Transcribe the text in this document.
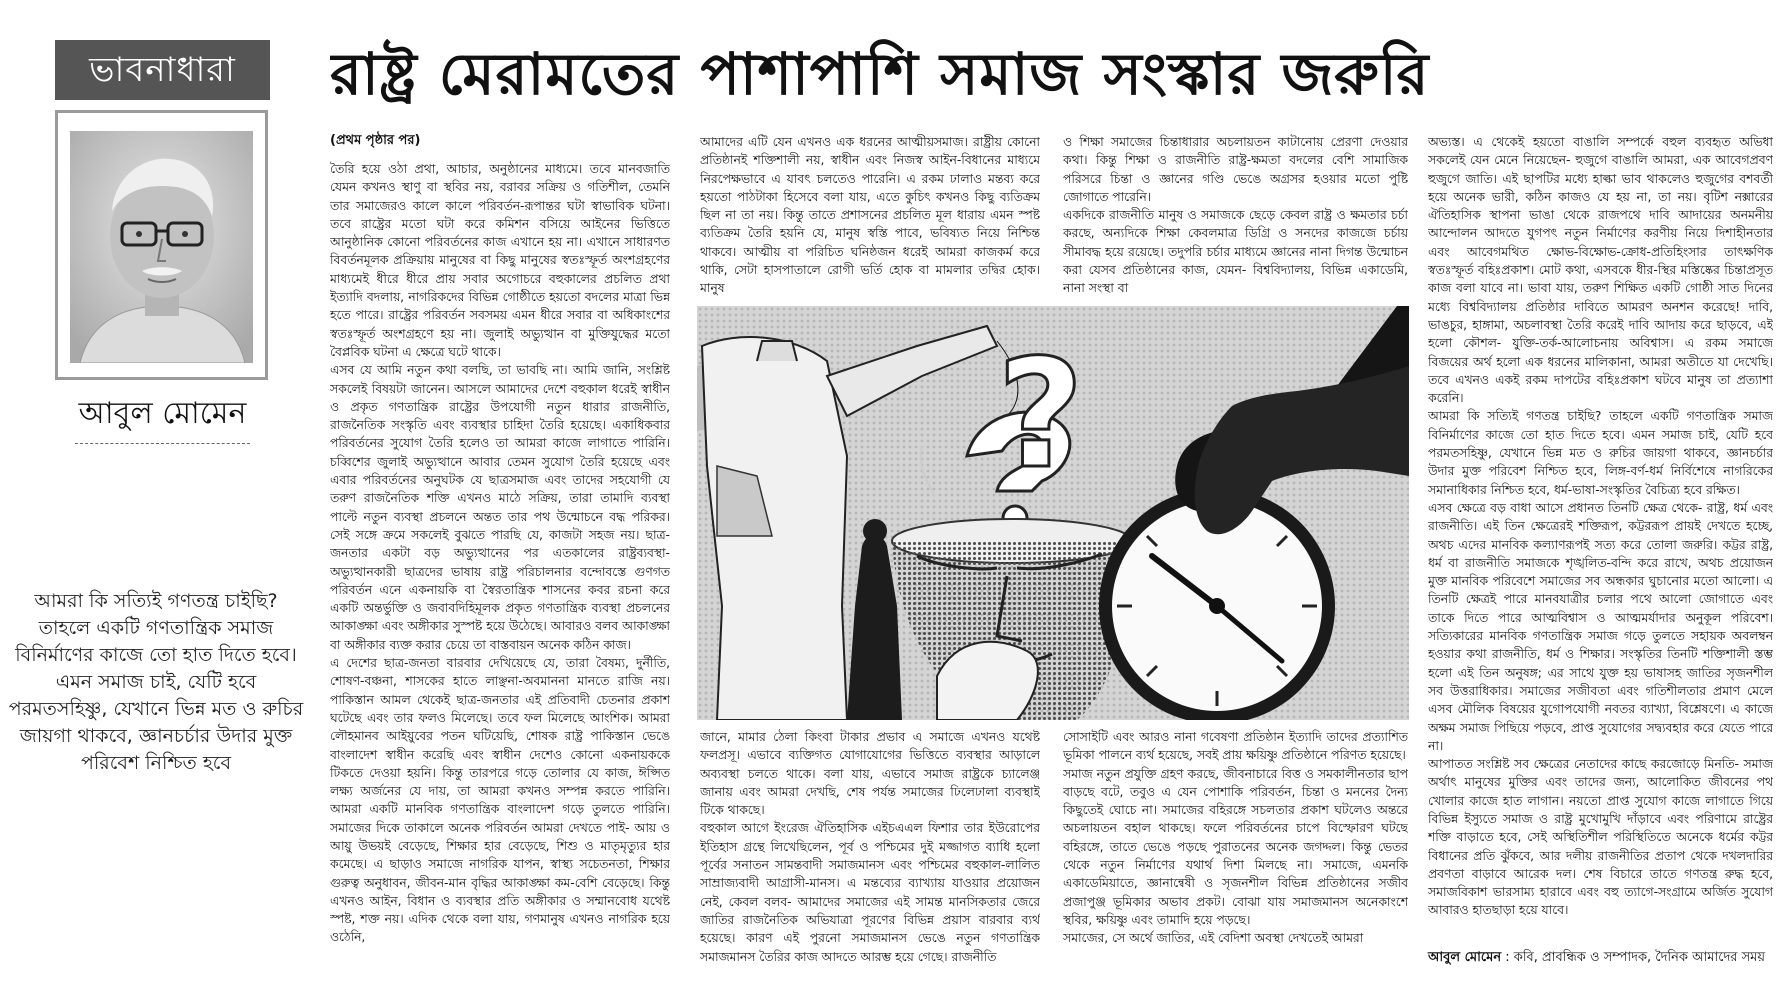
ভাবনাধারা	রাষ্ট্র মেরামতের পাশাপাশি সমাজ সংস্কার জরুরি
আবুল মোমেন
আমরা কি সত্যিই গণতন্ত্র চাইছি? তাহলে একটি গণতান্ত্রিক সমাজ বিনির্মাণের কাজে তো হাত দিতে হবে। এমন সমাজ চাই, যেটি হবে পরমতসহিষ্ণু, যেখানে ভিন্ন মত ও রুচির জায়গা থাকবে, জ্ঞানচর্চার উদার মুক্ত পরিবেশ নিশ্চিত হবে
(প্রথম পৃষ্ঠার পর)

তৈরি হয়ে ওঠা প্রথা, আচার, অনুষ্ঠানের মাধ্যমে। তবে মানবজাতি যেমন কখনও স্থাণু বা স্থবির নয়, বরাবর সক্রিয় ও গতিশীল, তেমনি তার সমাজেরও কালে কালে পরিবর্তন-রূপান্তর ঘটা স্বাভাবিক ঘটনা। তবে রাষ্ট্রের মতো ঘটা করে কমিশন বসিয়ে আইনের ভিত্তিতে আনুষ্ঠানিক কোনো পরিবর্তনের কাজ এখানে হয় না। এখানে সাধারণত বিবর্তনমূলক প্রক্রিয়ায় মানুষের বা কিছু মানুষের স্বতঃস্ফূর্ত অংশগ্রহণের মাধ্যমেই ধীরে ধীরে প্রায় সবার অগোচরে বহুকালের প্রচলিত প্রথা ইত্যাদি বদলায়, নাগরিকদের বিভিন্ন গোষ্ঠীতে হয়তো বদলের মাত্রা ভিন্ন হতে পারে। রাষ্ট্রের পরিবর্তন সবসময় এমন ধীরে সবার বা অধিকাংশের স্বতঃস্ফূর্ত অংশগ্রহণে হয় না। জুলাই অভ্যুত্থান বা মুক্তিযুদ্ধের মতো বৈপ্লবিক ঘটনা এ ক্ষেত্রে ঘটে থাকে।

এসব যে আমি নতুন কথা বলছি, তা ভাবছি না। আমি জানি, সংশ্লিষ্ট সকলেই বিষয়টা জানেন। আসলে আমাদের দেশে বহুকাল ধরেই স্বাধীন ও প্রকৃত গণতান্ত্রিক রাষ্ট্রের উপযোগী নতুন ধারার রাজনীতি, রাজনৈতিক সংস্কৃতি এবং ব্যবস্থার চাহিদা তৈরি হয়েছে। একাধিকবার পরিবর্তনের সুযোগ তৈরি হলেও তা আমরা কাজে লাগাতে পারিনি। চব্বিশের জুলাই অভ্যুত্থানে আবার তেমন সুযোগ তৈরি হয়েছে এবং এবার পরিবর্তনের অনুঘটক যে ছাত্রসমাজ এবং তাদের সহযোগী যে তরুণ রাজনৈতিক শক্তি এখনও মাঠে সক্রিয়, তারা তামাদি ব্যবস্থা পাল্টে নতুন ব্যবস্থা প্রচলনে অন্তত তার পথ উন্মোচনে বদ্ধ পরিকর। সেই সঙ্গে ক্রমে সকলেই বুঝতে পারছি যে, কাজটা সহজ নয়। ছাত্র-জনতার একটা বড় অভ্যুত্থানের পর এতকালের রাষ্ট্রব্যবস্থা- অভ্যুত্থানকারী ছাত্রদের ভাষায় রাষ্ট্র পরিচালনার বন্দোবস্তে গুণগত পরিবর্তন এনে একনায়কি বা স্বৈরতান্ত্রিক শাসনের কবর রচনা করে একটি অন্তর্ভুক্তি ও জবাবদিহিমূলক প্রকৃত গণতান্ত্রিক ব্যবস্থা প্রচলনের আকাঙ্ক্ষা এবং অঙ্গীকার সুস্পষ্ট হয়ে উঠেছে। আবারও বলব আকাঙ্ক্ষা বা অঙ্গীকার ব্যক্ত করার চেয়ে তা বাস্তবায়ন অনেক কঠিন কাজ।

এ দেশের ছাত্র-জনতা বারবার দেখিয়েছে যে, তারা বৈষম্য, দুর্নীতি, শোষণ-বঞ্চনা, শাসকের হাতে লাঞ্ছনা-অবমাননা মানতে রাজি নয়। পাকিস্তান আমল থেকেই ছাত্র-জনতার এই প্রতিবাদী চেতনার প্রকাশ ঘটেছে এবং তার ফলও মিলেছে। তবে ফল মিলেছে আংশিক। আমরা লৌহমানব আইয়ুবের পতন ঘটিয়েছি, শোষক রাষ্ট্র পাকিস্তান ভেঙে বাংলাদেশ স্বাধীন করেছি এবং স্বাধীন দেশেও কোনো একনায়ককে টিকতে দেওয়া হয়নি। কিন্তু তারপরে গড়ে তোলার যে কাজ, ঈপ্সিত লক্ষ্য অর্জনের যে দায়, তা আমরা কখনও সম্পন্ন করতে পারিনি। আমরা একটি মানবিক গণতান্ত্রিক বাংলাদেশ গড়ে তুলতে পারিনি। সমাজের দিকে তাকালে অনেক পরিবর্তন আমরা দেখতে পাই- আয় ও আয়ু উভয়ই বেড়েছে, শিক্ষার হার বেড়েছে, শিশু ও মাতৃমৃত্যুর হার কমেছে। এ ছাড়াও সমাজে নাগরিক যাপন, স্বাস্থ্য সচেতনতা, শিক্ষার গুরুত্ব অনুধাবন, জীবন-মান বৃদ্ধির আকাঙ্ক্ষা কম-বেশি বেড়েছে। কিন্তু এখনও আইন, বিধান ও ব্যবস্থার প্রতি অঙ্গীকার ও সম্মানবোধ যথেষ্ট স্পষ্ট, শক্ত নয়। এদিক থেকে বলা যায়, গণমানুষ এখনও নাগরিক হয়ে ওঠেনি,

আমাদের এটি যেন এখনও এক ধরনের আত্মীয়সমাজ। রাষ্ট্রীয় কোনো প্রতিষ্ঠানই শক্তিশালী নয়, স্বাধীন এবং নিজস্ব আইন-বিধানের মাধ্যমে নিরপেক্ষভাবে এ যাবৎ চলতেও পারেনি। এ রকম ঢালাও মন্তব্য করে হয়তো পাঠটাকা হিসেবে বলা যায়, এতে কুচিৎ কখনও কিছু ব্যতিক্রম ছিল না তা নয়। কিন্তু তাতে প্রশাসনের প্রচলিত মূল ধারায় এমন স্পষ্ট ব্যতিক্রম তৈরি হয়নি যে, মানুষ স্বস্তি পাবে, ভবিষ্যত নিয়ে নিশ্চিন্ত থাকবে। আত্মীয় বা পরিচিত ঘনিষ্ঠজন ধরেই আমরা কাজকর্ম করে থাকি, সেটা হাসপাতালে রোগী ভর্তি হোক বা মামলার তদ্বির হোক। মানুষ

ও শিক্ষা সমাজের চিন্তাধারার অচলায়তন কাটানোয় প্রেরণা দেওয়ার কথা। কিন্তু শিক্ষা ও রাজনীতি রাষ্ট্র-ক্ষমতা বদলের বেশি সামাজিক পরিসরে চিন্তা ও জ্ঞানের গণ্ডি ভেঙে অগ্রসর হওয়ার মতো পুষ্টি জোগাতে পারেনি।

একদিকে রাজনীতি মানুষ ও সমাজকে ছেড়ে কেবল রাষ্ট্র ও ক্ষমতার চর্চা করছে, অন্যদিকে শিক্ষা কেবলমাত্র ডিগ্রি ও সনদের কাজজে চর্চায় সীমাবদ্ধ হয়ে রয়েছে। তদুপরি চর্চার মাধ্যমে জ্ঞানের নানা দিগন্ত উন্মোচন করা যেসব প্রতিষ্ঠানের কাজ, যেমন- বিশ্ববিদ্যালয়, বিভিন্ন একাডেমি, নানা সংস্থা বা

?

জানে, মামার ঠেলা কিংবা টাকার প্রভাব এ সমাজে এখনও যথেষ্ট ফলপ্রসূ। এভাবে ব্যক্তিগত যোগাযোগের ভিত্তিতে ব্যবস্থার আড়ালে অব্যবস্থা চলতে থাকে। বলা যায়, এভাবে সমাজ রাষ্ট্রকে চ্যালেঞ্জ জানায় এবং আমরা দেখছি, শেষ পর্যন্ত সমাজের ঢিলেঢালা ব্যবস্থাই টিকে থাকছে।

বহুকাল আগে ইংরেজ ঐতিহাসিক এইচএএল ফিশার তার ইউরোপের ইতিহাস গ্রন্থে লিখেছিলেন, পূর্ব ও পশ্চিমের দুই মজ্জাগত ব্যাধি হলো পূর্বের সনাতন সামন্তবাদী সমাজমানস এবং পশ্চিমের বহুকাল-লালিত সাম্রাজ্যবাদী আগ্রাসী-মানস। এ মন্তব্যের ব্যাখ্যায় যাওয়ার প্রয়োজন নেই, কেবল বলব- আমাদের সমাজের এই সামন্ত মানসিকতার জেরে জাতির রাজনৈতিক অভিযাত্রা পূরণের বিভিন্ন প্রয়াস বারবার ব্যর্থ হয়েছে। কারণ এই পুরনো সমাজমানস ভেঙে নতুন গণতান্ত্রিক সমাজমানস তৈরির কাজ আদতে আরম্ভ হয়ে গেছে। রাজনীতি

সোসাইটি এবং আরও নানা গবেষণা প্রতিষ্ঠান ইত্যাদি তাদের প্রত্যাশিত ভূমিকা পালনে ব্যর্থ হয়েছে, সবই প্রায় ক্ষয়িষ্ণু প্রতিষ্ঠানে পরিণত হয়েছে।

সমাজ নতুন প্রযুক্তি গ্রহণ করছে, জীবনাচারে বিত্ত ও সমকালীনতার ছাপ বাড়ছে বটে, তবুও এ যেন পোশাকি পরিবর্তন, চিন্তা ও মননের দৈন্য কিছুতেই ঘোচে না। সমাজের বহিরঙ্গে সচলতার প্রকাশ ঘটলেও অন্তরে অচলায়তন বহাল থাকছে। ফলে পরিবর্তনের চাপে বিস্ফোরণ ঘটছে বহিরঙ্গে, তাতে ভেঙে পড়ছে পুরাতনের অনেক জগদ্দল। কিন্তু ভেতর থেকে নতুন নির্মাণের যথার্থ দিশা মিলছে না। সমাজে, এমনকি একাডেমিয়াতে, জ্ঞানান্বেষী ও সৃজনশীল বিভিন্ন প্রতিষ্ঠানের সজীব প্রজাপুঞ্জ ভূমিকার অভাব প্রকট। বোঝা যায় সমাজমানস অনেকাংশে স্থবির, ক্ষয়িষ্ণু এবং তামাদি হয়ে পড়ছে।

সমাজের, সে অর্থে জাতির, এই বেদিশা অবস্থা দেখতেই আমরা

অভ্যস্ত। এ থেকেই হয়তো বাঙালি সম্পর্কে বহুল ব্যবহৃত অভিধা সকলেই যেন মেনে নিয়েছেন- হুজুগে বাঙালি আমরা, এক আবেগপ্রবণ হুজুগে জাতি। এই ছাপটির মধ্যে হাল্কা ভাব থাকলেও হুজুগের বশবর্তী হয়ে অনেক ভারী, কঠিন কাজও যে হয় না, তা নয়। বৃটিশ নক্সারের ঐতিহাসিক স্থাপনা ভাঙা থেকে রাজপথে দাবি আদায়ের অনমনীয় আন্দোলন আদতে যুগপৎ নতুন নির্মাণের করণীয় নিয়ে দিশাহীনতার এবং আবেগমথিত ক্ষোভ-বিক্ষোভ-ক্রোধ-প্রতিহিংসার তাৎক্ষণিক স্বতঃস্ফূর্ত বহিঃপ্রকাশ। মোট কথা, এসবকে ধীর-স্থির মস্তিষ্কের চিন্তাপ্রসূত কাজ বলা যাবে না। ভাবা যায়, তরুণ শিক্ষিত একটি গোষ্ঠী সাত দিনের মধ্যে বিশ্ববিদ্যালয় প্রতিষ্ঠার দাবিতে আমরণ অনশন করেছে! দাবি, ভাঙচুর, হাঙ্গামা, অচলাবস্থা তৈরি করেই দাবি আদায় করে ছাড়বে, এই হলো কৌশল- যুক্তি-তর্ক-আলোচনায় অবিশ্বাস। এ রকম সমাজে বিজয়ের অর্থ হলো এক ধরনের মালিকানা, আমরা অতীতে যা দেখেছি। তবে এখনও একই রকম দাপটের বহিঃপ্রকাশ ঘটবে মানুষ তা প্রত্যাশা করেনি।

আমরা কি সত্যিই গণতন্ত্র চাইছি? তাহলে একটি গণতান্ত্রিক সমাজ বিনির্মাণের কাজে তো হাত দিতে হবে। এমন সমাজ চাই, যেটি হবে পরমতসহিষ্ণু, যেখানে ভিন্ন মত ও রুচির জায়গা থাকবে, জ্ঞানচর্চার উদার মুক্ত পরিবেশ নিশ্চিত হবে, লিঙ্গ-বর্ণ-ধর্ম নির্বিশেষে নাগরিকের সমানাধিকার নিশ্চিত হবে, ধর্ম-ভাষা-সংস্কৃতির বৈচিত্র্য হবে রক্ষিত।

এসব ক্ষেত্রে বড় বাধা আসে প্রধানত তিনটি ক্ষেত্র থেকে- রাষ্ট্র, ধর্ম এবং রাজনীতি। এই তিন ক্ষেত্রেরই শক্তিরূপ, কট্টররূপ প্রায়ই দেখতে হচ্ছে, অথচ এদের মানবিক কল্যাণরূপই সত্য করে তোলা জরুরি। কট্টর রাষ্ট্র, ধর্ম বা রাজনীতি সমাজকে শৃঙ্খলিত-বন্দি করে রাখে, অথচ প্রয়োজন মুক্ত মানবিক পরিবেশে সমাজের সব অন্ধকার ঘুচানোর মতো আলো। এ তিনটি ক্ষেত্রই পারে মানবযাত্রীর চলার পথে আলো জোগাতে এবং তাকে দিতে পারে আত্মবিশ্বাস ও আত্মমর্যাদার অনুকূল পরিবেশ। সত্যিকারের মানবিক গণতান্ত্রিক সমাজ গড়ে তুলতে সহায়ক অবলম্বন হওয়ার কথা রাজনীতি, ধর্ম ও শিক্ষার। সংস্কৃতির তিনটি শক্তিশালী স্তম্ভ হলো এই তিন অনুষঙ্গ; এর সাথে যুক্ত হয় ভাষাসহ জাতির সৃজনশীল সব উত্তরাধিকার। সমাজের সজীবতা এবং গতিশীলতার প্রমাণ মেলে এসব মৌলিক বিষয়ের যুগোপযোগী নবতর ব্যাখ্যা, বিশ্লেষণে। এ কাজে অক্ষম সমাজ পিছিয়ে পড়বে, প্রাপ্ত সুযোগের সদ্ব্যবহার করে যেতে পারে না।

আপাতত সংশ্লিষ্ট সব ক্ষেত্রের নেতাদের কাছে করজোড়ে মিনতি- সমাজ অর্থাৎ মানুষের মুক্তির এবং তাদের জন্য, আলোকিত জীবনের পথ খোলার কাজে হাত লাগান। নয়তো প্রাপ্ত সুযোগ কাজে লাগাতে গিয়ে বিভিন্ন ইস্যুতে সমাজ ও রাষ্ট্র মুখোমুখি দাঁড়াবে এবং পরিণামে রাষ্ট্রের শক্তি বাড়াতে হবে, সেই অস্থিতিশীল পরিস্থিতিতে অনেকে ধর্মের কট্টর বিধানের প্রতি ঝুঁকবে, আর দলীয় রাজনীতির প্রতাপ থেকে দখলদারির প্রবণতা বাড়াবে আরেক দল। শেষ বিচারে তাতে গণতন্ত্র রুদ্ধ হবে, সমাজবিকাশ ভারসাম্য হারাবে এবং বহু ত্যাগে-সংগ্রামে অর্জিত সুযোগ আবারও হাতছাড়া হয়ে যাবে।

আবুল মোমেন : কবি, প্রাবন্ধিক ও সম্পাদক, দৈনিক আমাদের সময়
